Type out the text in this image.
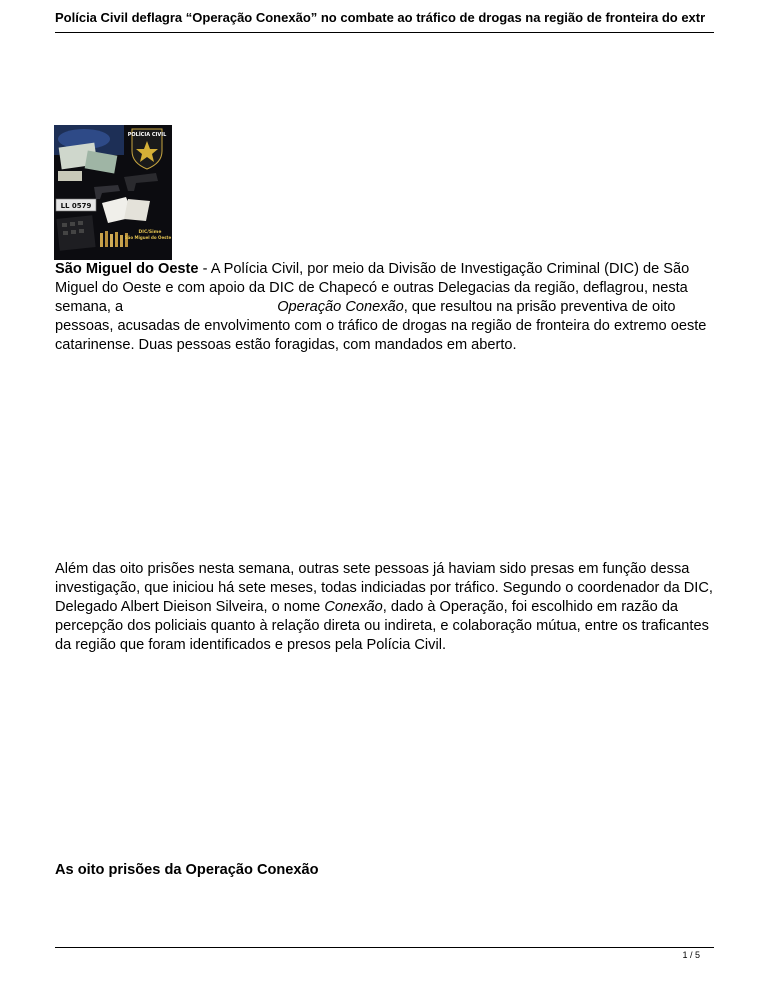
Polícia Civil deflagra “Operação Conexão” no combate ao tráfico de drogas na região de fronteira do extr
POLÍCIA CIVIL
LL 0579
DIC/Sime
São Miguel do Oeste

São Miguel do Oeste - A Polícia Civil, por meio da Divisão de Investigação Criminal (DIC) de São Miguel do Oeste e com apoio da DIC de Chapecó e outras Delegacias da região, deflagrou, nesta semana, a	Operação Conexão, que resultou na prisão preventiva de oito pessoas, acusadas de envolvimento com o tráfico de drogas na região de fronteira do extremo oeste catarinense. Duas pessoas estão foragidas, com mandados em aberto.

Além das oito prisões nesta semana, outras sete pessoas já haviam sido presas em função dessa investigação, que iniciou há sete meses, todas indiciadas por tráfico. Segundo o coordenador da DIC, Delegado Albert Dieison Silveira, o nome Conexão, dado à Operação, foi escolhido em razão da percepção dos policiais quanto à relação direta ou indireta, e colaboração mútua, entre os traficantes da região que foram identificados e presos pela Polícia Civil.

As oito prisões da Operação Conexão
1 / 5
